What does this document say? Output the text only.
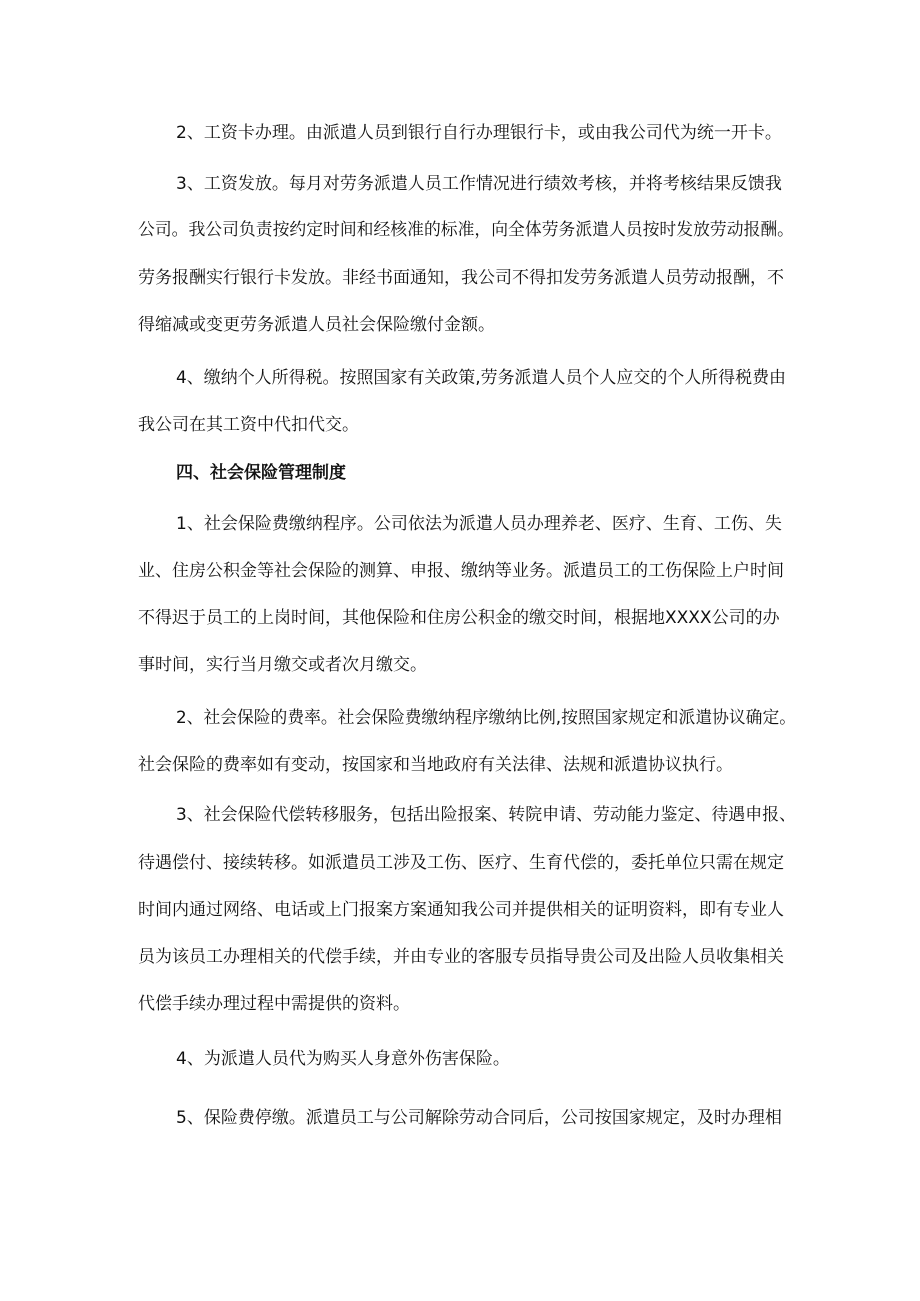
2、工资卡办理。由派遣人员到银行自行办理银行卡，或由我公司代为统一开卡。
3、工资发放。每月对劳务派遣人员工作情况进行绩效考核，并将考核结果反馈我
公司。我公司负责按约定时间和经核准的标准，向全体劳务派遣人员按时发放劳动报酬。
劳务报酬实行银行卡发放。非经书面通知，我公司不得扣发劳务派遣人员劳动报酬，不
得缩减或变更劳务派遣人员社会保险缴付金额。
4、缴纳个人所得税。按照国家有关政策,劳务派遣人员个人应交的个人所得税费由
我公司在其工资中代扣代交。
四、社会保险管理制度
1、社会保险费缴纳程序。公司依法为派遣人员办理养老、医疗、生育、工伤、失
业、住房公积金等社会保险的测算、申报、缴纳等业务。派遣员工的工伤保险上户时间
不得迟于员工的上岗时间，其他保险和住房公积金的缴交时间，根据地XXXX公司的办
事时间，实行当月缴交或者次月缴交。
2、社会保险的费率。社会保险费缴纳程序缴纳比例,按照国家规定和派遣协议确定。
社会保险的费率如有变动，按国家和当地政府有关法律、法规和派遣协议执行。
3、社会保险代偿转移服务，包括出险报案、转院申请、劳动能力鉴定、待遇申报、
待遇偿付、接续转移。如派遣员工涉及工伤、医疗、生育代偿的，委托单位只需在规定
时间内通过网络、电话或上门报案方案通知我公司并提供相关的证明资料，即有专业人
员为该员工办理相关的代偿手续，并由专业的客服专员指导贵公司及出险人员收集相关
代偿手续办理过程中需提供的资料。
4、为派遣人员代为购买人身意外伤害保险。
5、保险费停缴。派遣员工与公司解除劳动合同后，公司按国家规定，及时办理相
